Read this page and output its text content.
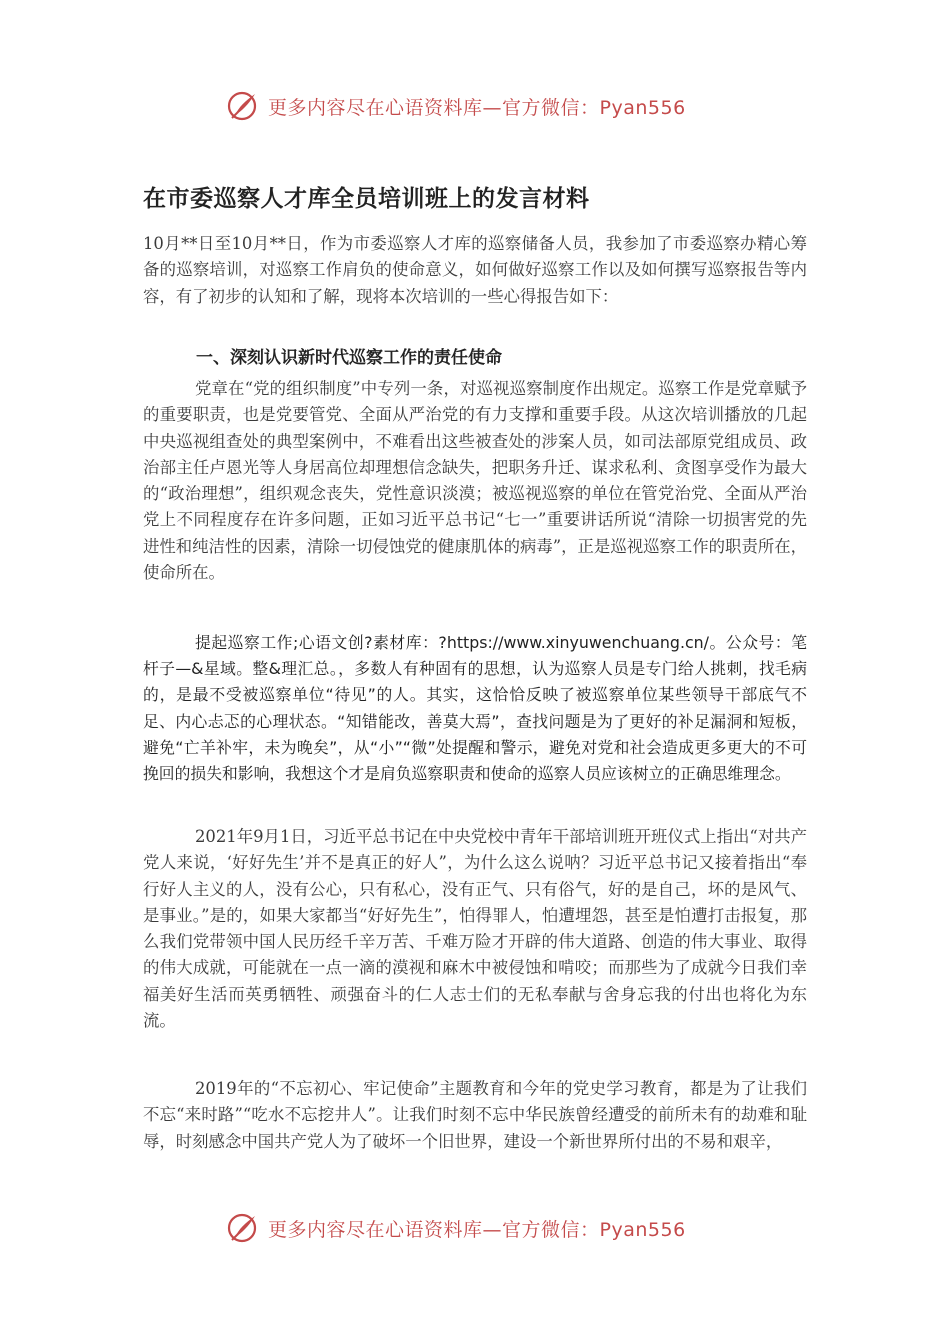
更多内容尽在心语资料库—官方微信：Pyan556
在市委巡察人才库全员培训班上的发言材料

10月**日至10月**日，作为市委巡察人才库的巡察储备人员，我参加了市委巡察办精心筹备的巡察培训，对巡察工作肩负的使命意义，如何做好巡察工作以及如何撰写巡察报告等内容，有了初步的认知和了解，现将本次培训的一些心得报告如下：

一、深刻认识新时代巡察工作的责任使命

党章在“党的组织制度”中专列一条，对巡视巡察制度作出规定。巡察工作是党章赋予的重要职责，也是党要管党、全面从严治党的有力支撑和重要手段。从这次培训播放的几起中央巡视组查处的典型案例中，不难看出这些被查处的涉案人员，如司法部原党组成员、政治部主任卢恩光等人身居高位却理想信念缺失，把职务升迁、谋求私利、贪图享受作为最大的“政治理想”，组织观念丧失，党性意识淡漠；被巡视巡察的单位在管党治党、全面从严治党上不同程度存在许多问题，正如习近平总书记“七一”重要讲话所说“清除一切损害党的先进性和纯洁性的因素，清除一切侵蚀党的健康肌体的病毒”，正是巡视巡察工作的职责所在，使命所在。

提起巡察工作;心语文创?素材库：?https://www.xinyuwenchuang.cn/。公众号：笔杆子—&星域。整&理汇总。，多数人有种固有的思想，认为巡察人员是专门给人挑刺，找毛病的，是最不受被巡察单位“待见”的人。其实，这恰恰反映了被巡察单位某些领导干部底气不足、内心忐忑的心理状态。“知错能改，善莫大焉”，查找问题是为了更好的补足漏洞和短板，避免“亡羊补牢，未为晚矣”，从“小”“微”处提醒和警示，避免对党和社会造成更多更大的不可挽回的损失和影响，我想这个才是肩负巡察职责和使命的巡察人员应该树立的正确思维理念。

2021年9月1日，习近平总书记在中央党校中青年干部培训班开班仪式上指出“对共产党人来说，‘好好先生’并不是真正的好人”，为什么这么说呐？习近平总书记又接着指出“奉行好人主义的人，没有公心，只有私心，没有正气、只有俗气，好的是自己，坏的是风气、是事业。”是的，如果大家都当“好好先生”，怕得罪人，怕遭埋怨，甚至是怕遭打击报复，那么我们党带领中国人民历经千辛万苦、千难万险才开辟的伟大道路、创造的伟大事业、取得的伟大成就，可能就在一点一滴的漠视和麻木中被侵蚀和啃咬；而那些为了成就今日我们幸福美好生活而英勇牺牲、顽强奋斗的仁人志士们的无私奉献与舍身忘我的付出也将化为东流。

2019年的“不忘初心、牢记使命”主题教育和今年的党史学习教育，都是为了让我们不忘“来时路”“吃水不忘挖井人”。让我们时刻不忘中华民族曾经遭受的前所未有的劫难和耻辱，时刻感念中国共产党人为了破坏一个旧世界，建设一个新世界所付出的不易和艰辛，

更多内容尽在心语资料库—官方微信：Pyan556
